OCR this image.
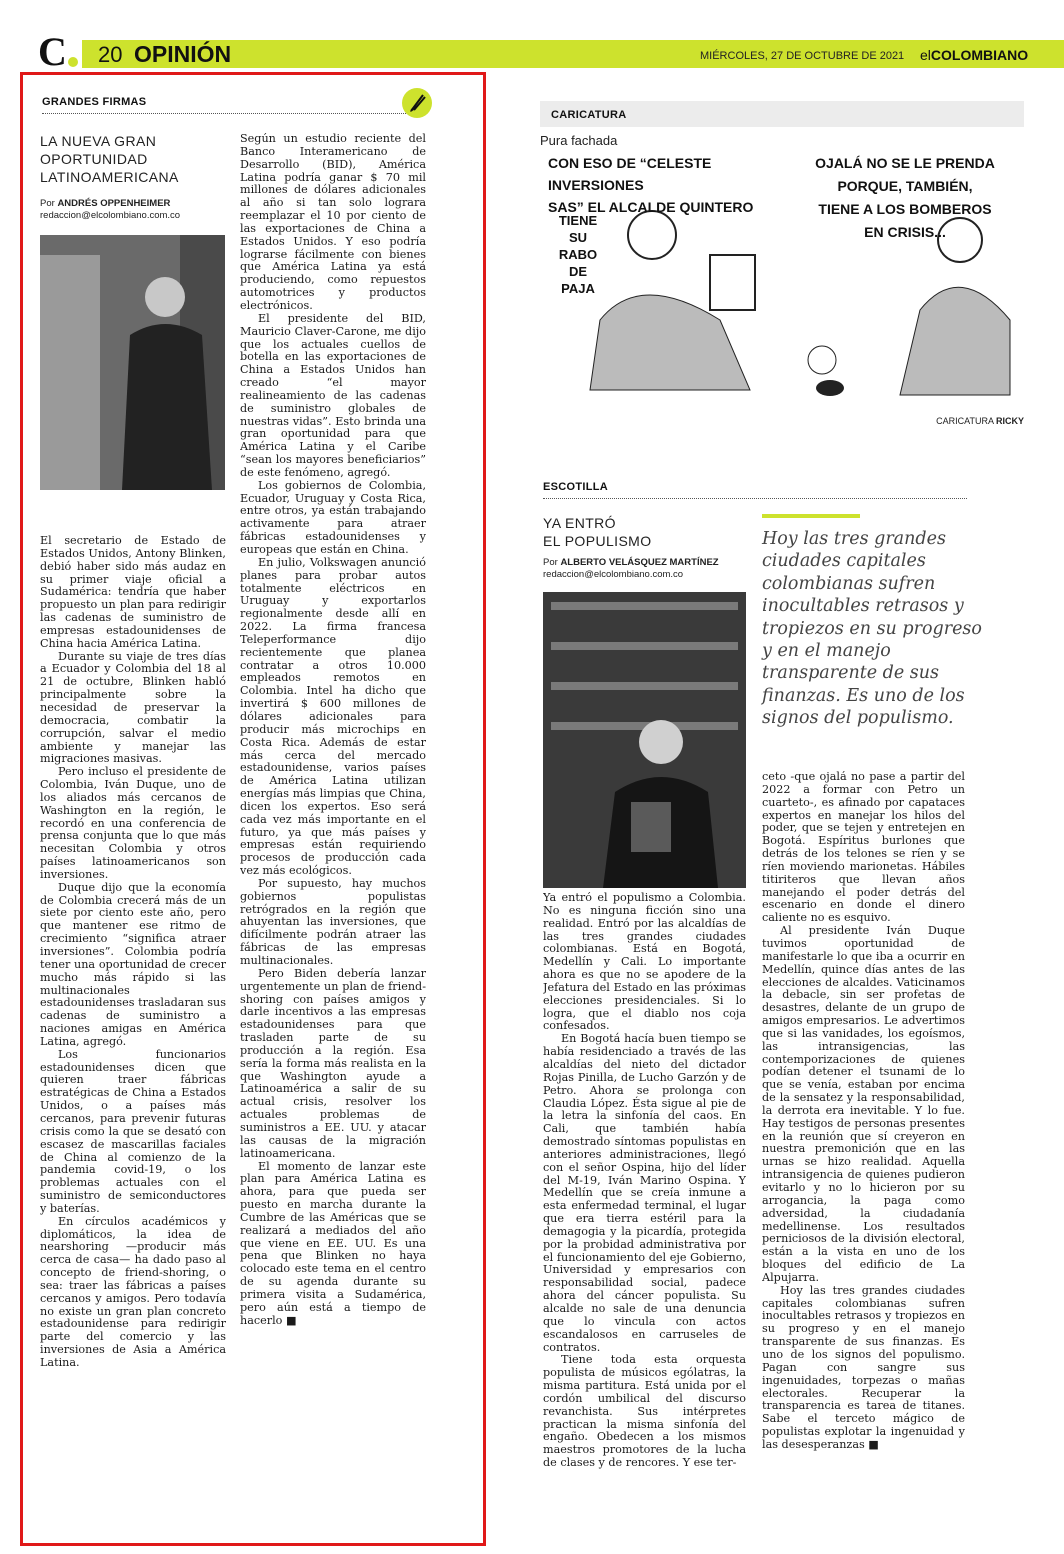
C	20 OPINIÓN	MIÉRCOLES, 27 DE OCTUBRE DE 2021 elCOLOMBIANO
GRANDES FIRMAS
LA NUEVA GRAN
OPORTUNIDAD
LATINOAMERICANA
Por ANDRÉS OPPENHEIMER
redaccion@elcolombiano.com.co

El secretario de Estado de Estados Unidos, Antony Blinken, debió haber sido más audaz en su primer viaje oficial a Sudamérica: tendría que haber propuesto un plan para redirigir las cadenas de suministro de empresas estadounidenses de China hacia América Latina.

Durante su viaje de tres días a Ecuador y Colombia del 18 al 21 de octubre, Blinken habló principalmente sobre la necesidad de preservar la democracia, combatir la corrupción, salvar el medio ambiente y manejar las migraciones masivas.

Pero incluso el presidente de Colombia, Iván Duque, uno de los aliados más cercanos de Washington en la región, le recordó en una conferencia de prensa conjunta que lo que más necesitan Colombia y otros países latinoamericanos son inversiones.

Duque dijo que la economía de Colombia crecerá más de un siete por ciento este año, pero que mantener ese ritmo de crecimiento “significa atraer inversiones”. Colombia podría tener una oportunidad de crecer mucho más rápido si las multinacionales estadounidenses trasladaran sus cadenas de suministro a naciones amigas en América Latina, agregó.

Los funcionarios estadounidenses dicen que quieren traer fábricas estratégicas de China a Estados Unidos, o a países más cercanos, para prevenir futuras crisis como la que se desató con escasez de mascarillas faciales de China al comienzo de la pandemia covid-19, o los problemas actuales con el suministro de semiconductores y baterías.

En círculos académicos y diplomáticos, la idea de nearshoring —producir más cerca de casa— ha dado paso al concepto de friend-shoring, o sea: traer las fábricas a países cercanos y amigos. Pero todavía no existe un gran plan concreto estadounidense para redirigir parte del comercio y las inversiones de Asia a América Latina.

Según un estudio reciente del Banco Interamericano de Desarrollo (BID), América Latina podría ganar $ 70 mil millones de dólares adicionales al año si tan solo lograra reemplazar el 10 por ciento de las exportaciones de China a Estados Unidos. Y eso podría lograrse fácilmente con bienes que América Latina ya está produciendo, como repuestos automotrices y productos electrónicos.

El presidente del BID, Mauricio Claver-Carone, me dijo que los actuales cuellos de botella en las exportaciones de China a Estados Unidos han creado “el mayor realineamiento de las cadenas de suministro globales de nuestras vidas”. Esto brinda una gran oportunidad para que América Latina y el Caribe “sean los mayores beneficiarios” de este fenómeno, agregó.

Los gobiernos de Colombia, Ecuador, Uruguay y Costa Rica, entre otros, ya están trabajando activamente para atraer fábricas estadounidenses y europeas que están en China.

En julio, Volkswagen anunció planes para probar autos totalmente eléctricos en Uruguay y exportarlos regionalmente desde allí en 2022. La firma francesa Teleperformance dijo recientemente que planea contratar a otros 10.000 empleados remotos en Colombia. Intel ha dicho que invertirá $ 600 millones de dólares adicionales para producir más microchips en Costa Rica. Además de estar más cerca del mercado estadounidense, varios países de América Latina utilizan energías más limpias que China, dicen los expertos. Eso será cada vez más importante en el futuro, ya que más países y empresas están requiriendo procesos de producción cada vez más ecológicos.

Por supuesto, hay muchos gobiernos populistas retrógrados en la región que ahuyentan las inversiones, que difícilmente podrán atraer las fábricas de las empresas multinacionales.

Pero Biden debería lanzar urgentemente un plan de friend-shoring con países amigos y darle incentivos a las empresas estadounidenses para que trasladen parte de su producción a la región. Esa sería la forma más realista en la que Washington ayude a Latinoamérica a salir de su actual crisis, resolver los actuales problemas de suministros a EE. UU. y atacar las causas de la migración latinoamericana.

El momento de lanzar este plan para América Latina es ahora, para que pueda ser puesto en marcha durante la Cumbre de las Américas que se realizará a mediados del año que viene en EE. UU. Es una pena que Blinken no haya colocado este tema en el centro de su agenda durante su primera visita a Sudamérica, pero aún está a tiempo de hacerlo ■

CARICATURA
Pura fachada
CON ESO DE “CELESTE INVERSIONES
SAS” EL ALCALDE QUINTERO
TIENE
SU
RABO
DE
PAJA
OJALÁ NO SE LE PRENDA
PORQUE, TAMBIÉN,
TIENE A LOS BOMBEROS
EN CRISIS...
CARICATURA RICKY
ESCOTILLA
YA ENTRÓ
EL POPULISMO
Por ALBERTO VELÁSQUEZ MARTÍNEZ
redaccion@elcolombiano.com.co
Hoy las tres grandes ciudades capitales colombianas sufren inocultables retrasos y tropiezos en su progreso y en el manejo transparente de sus finanzas. Es uno de los signos del populismo.

Ya entró el populismo a Colombia. No es ninguna ficción sino una realidad. Entró por las alcaldías de las tres grandes ciudades colombianas. Está en Bogotá, Medellín y Cali. Lo importante ahora es que no se apodere de la Jefatura del Estado en las próximas elecciones presidenciales. Si lo logra, que el diablo nos coja confesados.

En Bogotá hacía buen tiempo se había residenciado a través de las alcaldías del nieto del dictador Rojas Pinilla, de Lucho Garzón y de Petro. Ahora se prolonga con Claudia López. Ésta sigue al pie de la letra la sinfonía del caos. En Cali, que también había demostrado síntomas populistas en anteriores administraciones, llegó con el señor Ospina, hijo del líder del M-19, Iván Marino Ospina. Y Medellín que se creía inmune a esta enfermedad terminal, el lugar que era tierra estéril para la demagogia y la picardía, protegida por la probidad administrativa por el funcionamiento del eje Gobierno, Universidad y empresarios con responsabilidad social, padece ahora del cáncer populista. Su alcalde no sale de una denuncia que lo vincula con actos escandalosos en carruseles de contratos.

Tiene toda esta orquesta populista de músicos ególatras, la misma partitura. Está unida por el cordón umbilical del discurso revanchista. Sus intérpretes practican la misma sinfonía del engaño. Obedecen a los mismos maestros promotores de la lucha de clases y de rencores. Y ese ter-

ceto -que ojalá no pase a partir del 2022 a formar con Petro un cuarteto-, es afinado por capataces expertos en manejar los hilos del poder, que se tejen y entretejen en Bogotá. Espíritus burlones que detrás de los telones se ríen y se ríen moviendo marionetas. Hábiles titiriteros que llevan años manejando el poder detrás del escenario en donde el dinero caliente no es esquivo.

Al presidente Iván Duque tuvimos oportunidad de manifestarle lo que iba a ocurrir en Medellín, quince días antes de las elecciones de alcaldes. Vaticinamos la debacle, sin ser profetas de desastres, delante de un grupo de amigos empresarios. Le advertimos que si las vanidades, los egoísmos, las intransigencias, las contemporizaciones de quienes podían detener el tsunami de lo que se venía, estaban por encima de la sensatez y la responsabilidad, la derrota era inevitable. Y lo fue. Hay testigos de personas presentes en la reunión que sí creyeron en nuestra premonición que en las urnas se hizo realidad. Aquella intransigencia de quienes pudieron evitarlo y no lo hicieron por su arrogancia, la paga como adversidad, la ciudadanía medellinense. Los resultados perniciosos de la división electoral, están a la vista en uno de los bloques del edificio de La Alpujarra.

Hoy las tres grandes ciudades capitales colombianas sufren inocultables retrasos y tropiezos en su progreso y en el manejo transparente de sus finanzas. Es uno de los signos del populismo. Pagan con sangre sus ingenuidades, torpezas o mañas electorales. Recuperar la transparencia es tarea de titanes. Sabe el terceto mágico de populistas explotar la ingenuidad y las desesperanzas ■
